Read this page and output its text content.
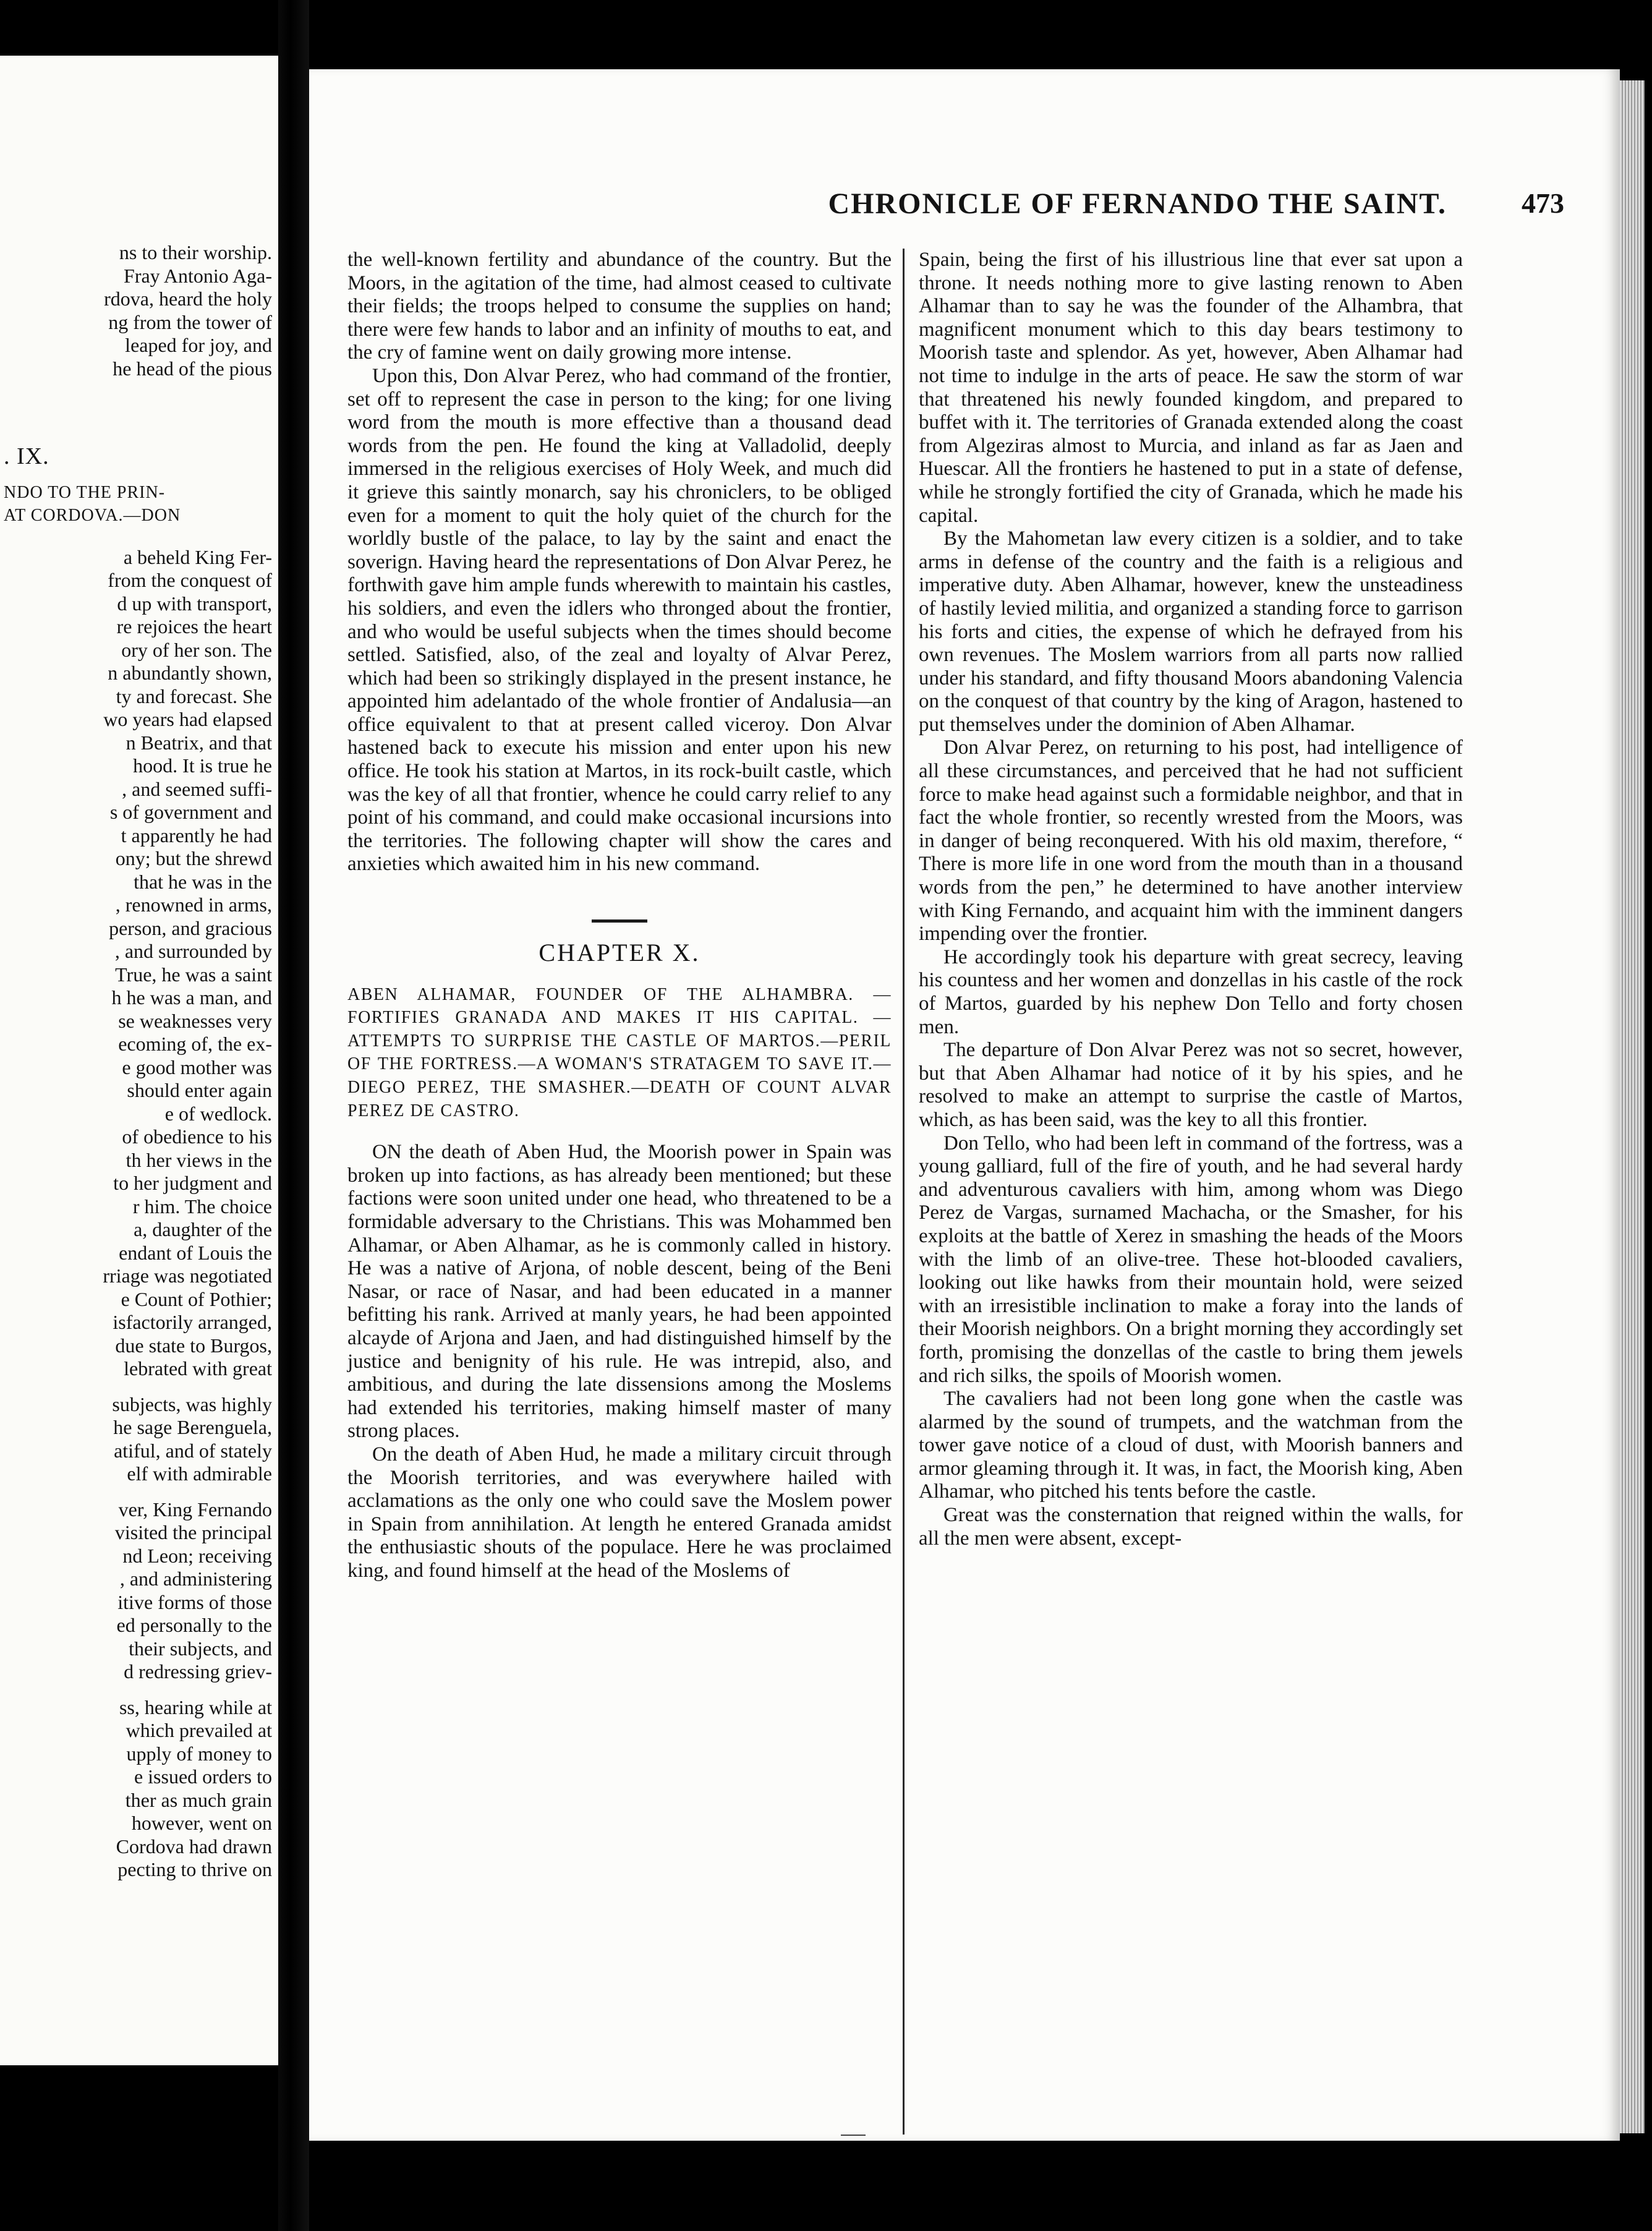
ns to their worship.
Fray Antonio Aga-
rdova, heard the holy
ng from the tower of
leaped for joy, and
he head of the pious
. IX.
NDO TO THE PRIN-
AT CORDOVA.—DON
a beheld King Fer-
from the conquest of
d up with transport,
re rejoices the heart
ory of her son. The
n abundantly shown,
ty and forecast. She
wo years had elapsed
n Beatrix, and that
hood. It is true he
, and seemed suffi-
s of government and
t apparently he had
ony; but the shrewd
that he was in the
, renowned in arms,
person, and gracious
, and surrounded by
True, he was a saint
h he was a man, and
se weaknesses very
ecoming of, the ex-
e good mother was
should enter again
e of wedlock.
of obedience to his
th her views in the
to her judgment and
r him. The choice
a, daughter of the
endant of Louis the
rriage was negotiated
e Count of Pothier;
isfactorily arranged,
due state to Burgos,
lebrated with great
subjects, was highly
he sage Berenguela,
atiful, and of stately
elf with admirable
ver, King Fernando
visited the principal
nd Leon; receiving
, and administering
itive forms of those
ed personally to the
their subjects, and
d redressing griev-
ss, hearing while at
which prevailed at
upply of money to
e issued orders to
ther as much grain
however, went on
Cordova had drawn
pecting to thrive on
CHRONICLE OF FERNANDO THE SAINT.	473

the well-known fertility and abundance of the country. But the Moors, in the agitation of the time, had almost ceased to cultivate their fields; the troops helped to consume the supplies on hand; there were few hands to labor and an infinity of mouths to eat, and the cry of famine went on daily growing more intense.

Upon this, Don Alvar Perez, who had command of the frontier, set off to represent the case in person to the king; for one living word from the mouth is more effective than a thousand dead words from the pen. He found the king at Valladolid, deeply immersed in the religious exercises of Holy Week, and much did it grieve this saintly monarch, say his chroniclers, to be obliged even for a moment to quit the holy quiet of the church for the worldly bustle of the palace, to lay by the saint and enact the soverign. Having heard the representations of Don Alvar Perez, he forthwith gave him ample funds wherewith to maintain his castles, his soldiers, and even the idlers who thronged about the frontier, and who would be useful subjects when the times should become settled. Satisfied, also, of the zeal and loyalty of Alvar Perez, which had been so strikingly displayed in the present instance, he appointed him adelantado of the whole frontier of Andalusia—an office equivalent to that at present called viceroy. Don Alvar hastened back to execute his mission and enter upon his new office. He took his station at Martos, in its rock-built castle, which was the key of all that frontier, whence he could carry relief to any point of his command, and could make occasional incursions into the territories. The following chapter will show the cares and anxieties which awaited him in his new command.

CHAPTER X.
ABEN ALHAMAR, FOUNDER OF THE ALHAMBRA. —FORTIFIES GRANADA AND MAKES IT HIS CAPITAL. — ATTEMPTS TO SURPRISE THE CASTLE OF MARTOS.—PERIL OF THE FORTRESS.—A WOMAN'S STRATAGEM TO SAVE IT.—DIEGO PEREZ, THE SMASHER.—DEATH OF COUNT ALVAR PEREZ DE CASTRO.

ON the death of Aben Hud, the Moorish power in Spain was broken up into factions, as has already been mentioned; but these factions were soon united under one head, who threatened to be a formidable adversary to the Christians. This was Mohammed ben Alhamar, or Aben Alhamar, as he is commonly called in history. He was a native of Arjona, of noble descent, being of the Beni Nasar, or race of Nasar, and had been educated in a manner befitting his rank. Arrived at manly years, he had been appointed alcayde of Arjona and Jaen, and had distinguished himself by the justice and benignity of his rule. He was intrepid, also, and ambitious, and during the late dissensions among the Moslems had extended his territories, making himself master of many strong places.

On the death of Aben Hud, he made a military circuit through the Moorish territories, and was everywhere hailed with acclamations as the only one who could save the Moslem power in Spain from annihilation. At length he entered Granada amidst the enthusiastic shouts of the populace. Here he was proclaimed king, and found himself at the head of the Moslems of

Spain, being the first of his illustrious line that ever sat upon a throne. It needs nothing more to give lasting renown to Aben Alhamar than to say he was the founder of the Alhambra, that magnificent monument which to this day bears testimony to Moorish taste and splendor. As yet, however, Aben Alhamar had not time to indulge in the arts of peace. He saw the storm of war that threatened his newly founded kingdom, and prepared to buffet with it. The territories of Granada extended along the coast from Algeziras almost to Murcia, and inland as far as Jaen and Huescar. All the frontiers he hastened to put in a state of defense, while he strongly fortified the city of Granada, which he made his capital.

By the Mahometan law every citizen is a soldier, and to take arms in defense of the country and the faith is a religious and imperative duty. Aben Alhamar, however, knew the unsteadiness of hastily levied militia, and organized a standing force to garrison his forts and cities, the expense of which he defrayed from his own revenues. The Moslem warriors from all parts now rallied under his standard, and fifty thousand Moors abandoning Valencia on the conquest of that country by the king of Aragon, hastened to put themselves under the dominion of Aben Alhamar.

Don Alvar Perez, on returning to his post, had intelligence of all these circumstances, and perceived that he had not sufficient force to make head against such a formidable neighbor, and that in fact the whole frontier, so recently wrested from the Moors, was in danger of being reconquered. With his old maxim, therefore, “ There is more life in one word from the mouth than in a thousand words from the pen,” he determined to have another interview with King Fernando, and acquaint him with the imminent dangers impending over the frontier.

He accordingly took his departure with great secrecy, leaving his countess and her women and donzellas in his castle of the rock of Martos, guarded by his nephew Don Tello and forty chosen men.

The departure of Don Alvar Perez was not so secret, however, but that Aben Alhamar had notice of it by his spies, and he resolved to make an attempt to surprise the castle of Martos, which, as has been said, was the key to all this frontier.

Don Tello, who had been left in command of the fortress, was a young galliard, full of the fire of youth, and he had several hardy and adventurous cavaliers with him, among whom was Diego Perez de Vargas, surnamed Machacha, or the Smasher, for his exploits at the battle of Xerez in smashing the heads of the Moors with the limb of an olive-tree. These hot-blooded cavaliers, looking out like hawks from their mountain hold, were seized with an irresistible inclination to make a foray into the lands of their Moorish neighbors. On a bright morning they accordingly set forth, promising the donzellas of the castle to bring them jewels and rich silks, the spoils of Moorish women.

The cavaliers had not been long gone when the castle was alarmed by the sound of trumpets, and the watchman from the tower gave notice of a cloud of dust, with Moorish banners and armor gleaming through it. It was, in fact, the Moorish king, Aben Alhamar, who pitched his tents before the castle.

Great was the consternation that reigned within the walls, for all the men were absent, except-
